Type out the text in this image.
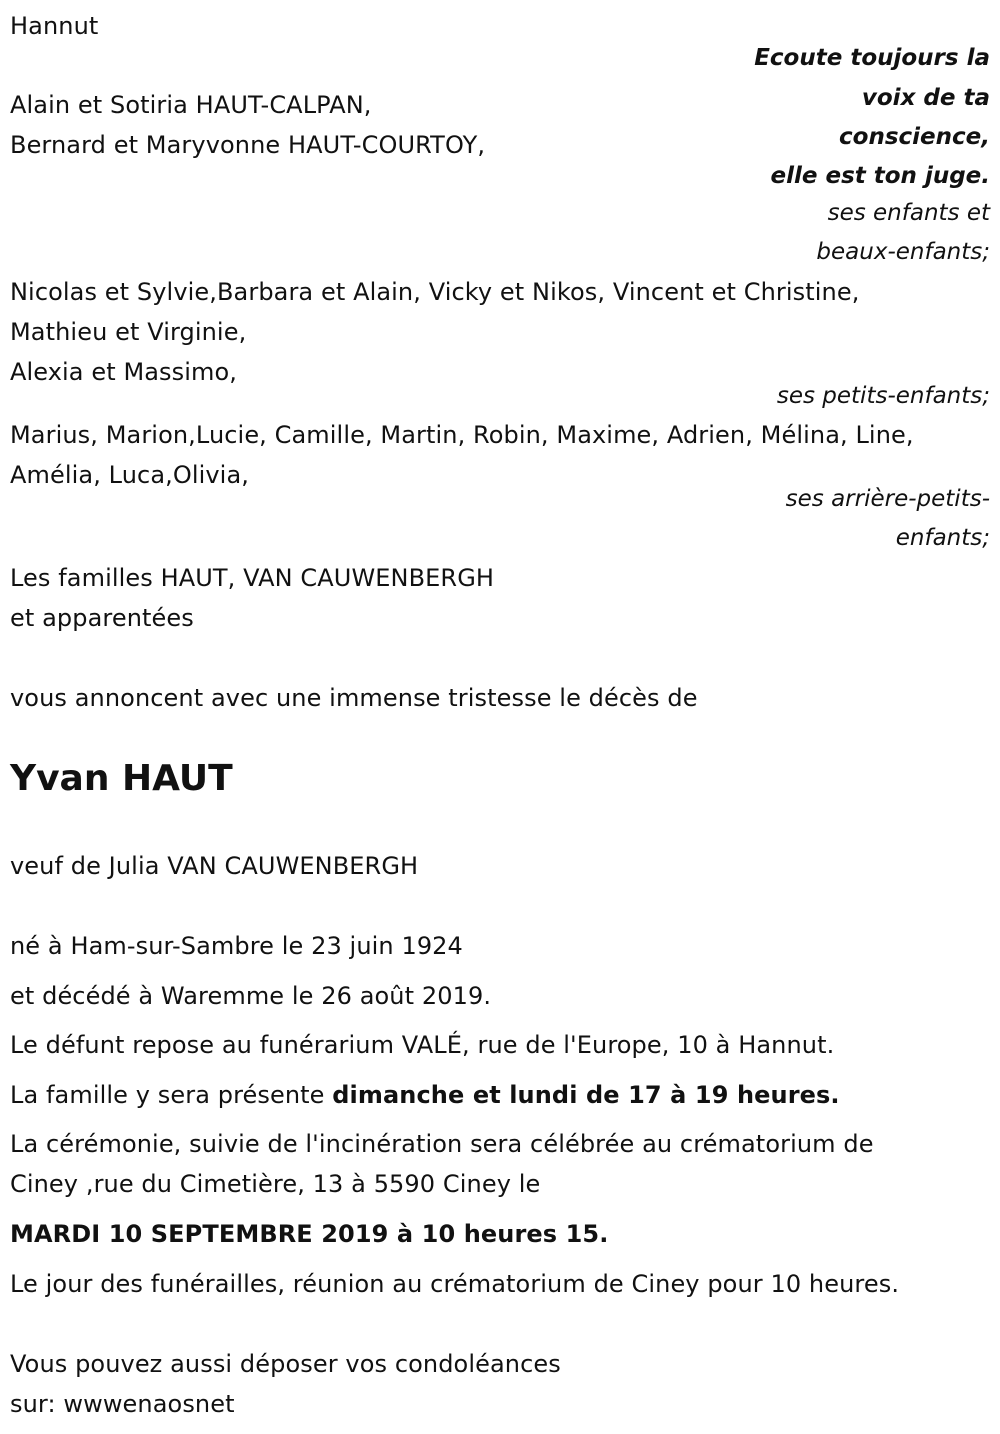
Hannut
Ecoute toujours la
voix de ta
conscience,
elle est ton juge.
Alain et Sotiria HAUT-CALPAN,
Bernard et Maryvonne HAUT-COURTOY,
ses enfants et
beaux-enfants;
Nicolas et Sylvie,Barbara et Alain, Vicky et Nikos, Vincent et Christine,
Mathieu et Virginie,
Alexia et Massimo,
ses petits-enfants;
Marius, Marion,Lucie, Camille, Martin, Robin, Maxime, Adrien, Mélina, Line,
Amélia, Luca,Olivia,
ses arrière-petits-
enfants;
Les familles HAUT, VAN CAUWENBERGH
et apparentées
vous annoncent avec une immense tristesse le décès de
Yvan HAUT
veuf de Julia VAN CAUWENBERGH
né à Ham-sur-Sambre le 23 juin 1924
et décédé à Waremme le 26 août 2019.
Le défunt repose au funérarium VALÉ, rue de l'Europe, 10 à Hannut.
La famille y sera présente dimanche et lundi de 17 à 19 heures.
La cérémonie, suivie de l'incinération sera célébrée au crématorium de
Ciney ,rue du Cimetière, 13 à 5590 Ciney le
MARDI 10 SEPTEMBRE 2019 à 10 heures 15.
Le jour des funérailles, réunion au crématorium de Ciney pour 10 heures.
Vous pouvez aussi déposer vos condoléances
sur: wwwenaosnet
